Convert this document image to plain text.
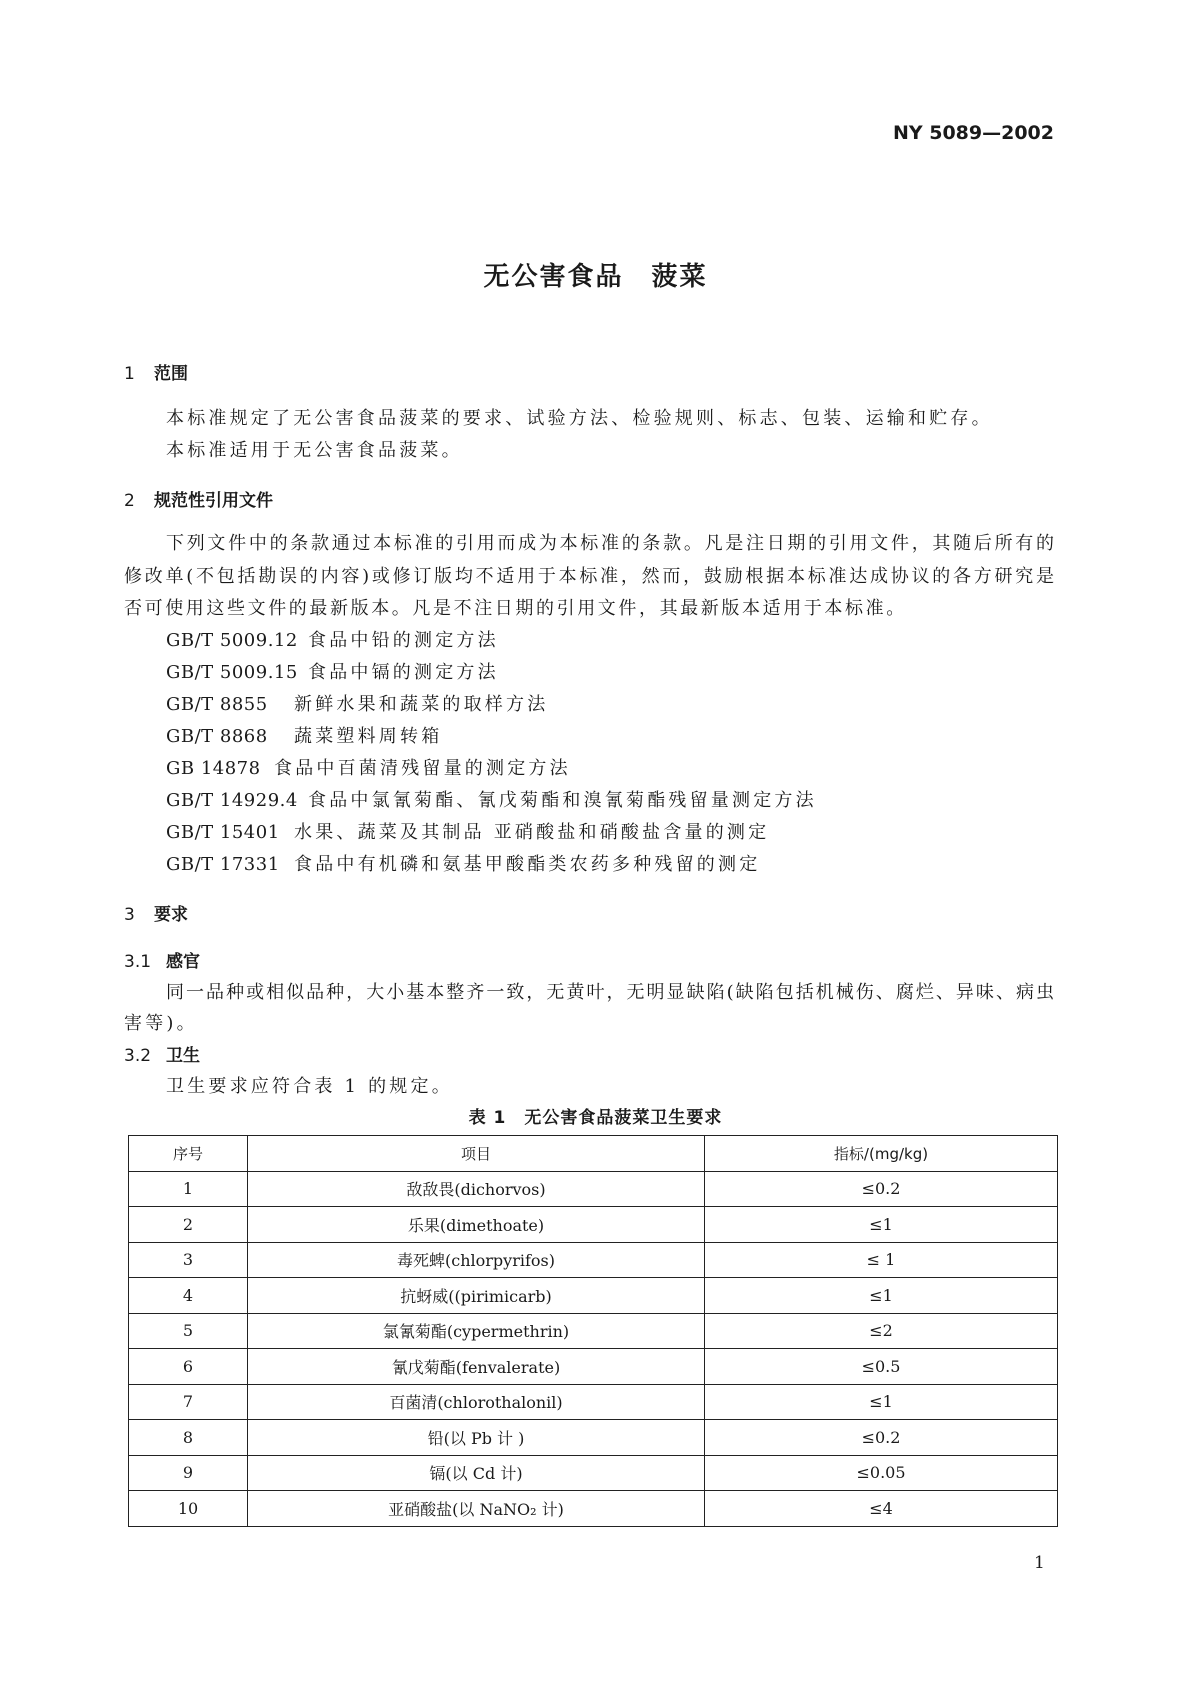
NY 5089—2002
无公害食品　菠菜
1 范围
本标准规定了无公害食品菠菜的要求、试验方法、检验规则、标志、包装、运输和贮存。
本标准适用于无公害食品菠菜。
2 规范性引用文件
下列文件中的条款通过本标准的引用而成为本标准的条款。凡是注日期的引用文件，其随后所有的
修改单(不包括勘误的内容)或修订版均不适用于本标准，然而，鼓励根据本标准达成协议的各方研究是
否可使用这些文件的最新版本。凡是不注日期的引用文件，其最新版本适用于本标准。
GB/T 5009.12 食品中铅的测定方法
GB/T 5009.15 食品中镉的测定方法
GB/T 8855 新鲜水果和蔬菜的取样方法
GB/T 8868 蔬菜塑料周转箱
GB 14878 食品中百菌清残留量的测定方法
GB/T 14929.4 食品中氯氰菊酯、氰戊菊酯和溴氰菊酯残留量测定方法
GB/T 15401 水果、蔬菜及其制品 亚硝酸盐和硝酸盐含量的测定
GB/T 17331 食品中有机磷和氨基甲酸酯类农药多种残留的测定
3 要求
3.1 感官
同一品种或相似品种，大小基本整齐一致，无黄叶，无明显缺陷(缺陷包括机械伤、腐烂、异味、病虫
害等)。
3.2 卫生
卫生要求应符合表 1 的规定。
表 1　无公害食品菠菜卫生要求
序号	项目	指标/(mg/kg)
1	敌敌畏(dichorvos)	≤0.2
2	乐果(dimethoate)	≤1
3	毒死蜱(chlorpyrifos)	≤ 1
4	抗蚜威((pirimicarb)	≤1
5	氯氰菊酯(cypermethrin)	≤2
6	氰戊菊酯(fenvalerate)	≤0.5
7	百菌清(chlorothalonil)	≤1
8	铅(以 Pb 计 )	≤0.2
9	镉(以 Cd 计)	≤0.05
10	亚硝酸盐(以 NaNO₂ 计)	≤4
1
